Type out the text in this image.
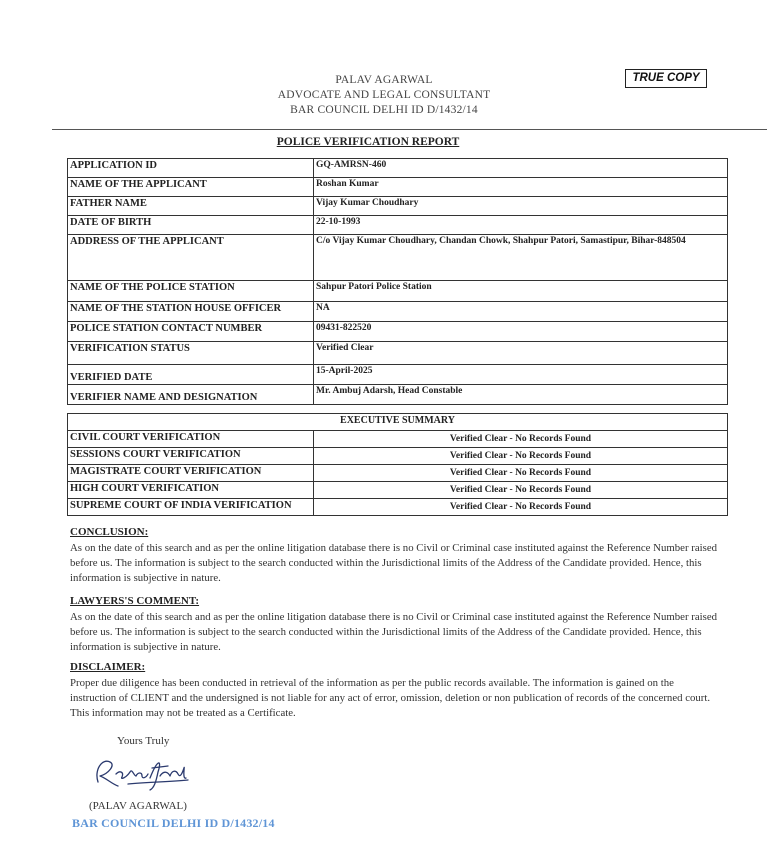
PALAV AGARWAL
ADVOCATE AND LEGAL CONSULTANT
BAR COUNCIL DELHI ID D/1432/14
TRUE COPY
POLICE VERIFICATION REPORT
APPLICATION ID	GQ-AMRSN-460
NAME OF THE APPLICANT	Roshan Kumar
FATHER NAME	Vijay Kumar Choudhary
DATE OF BIRTH	22-10-1993
ADDRESS OF THE APPLICANT	C/o Vijay Kumar Choudhary, Chandan Chowk, Shahpur Patori, Samastipur, Bihar-848504
NAME OF THE POLICE STATION	Sahpur Patori Police Station
NAME OF THE STATION HOUSE OFFICER	NA
POLICE STATION CONTACT NUMBER	09431-822520
VERIFICATION STATUS	Verified Clear
VERIFIED DATE	15-April-2025
VERIFIER NAME AND DESIGNATION	Mr. Ambuj Adarsh, Head Constable
EXECUTIVE SUMMARY	
CIVIL COURT VERIFICATION	Verified Clear - No Records Found
SESSIONS COURT VERIFICATION	Verified Clear - No Records Found
MAGISTRATE COURT VERIFICATION	Verified Clear - No Records Found
HIGH COURT VERIFICATION	Verified Clear - No Records Found
SUPREME COURT OF INDIA VERIFICATION	Verified Clear - No Records Found
CONCLUSION:
As on the date of this search and as per the online litigation database there is no Civil or Criminal case instituted against the Reference Number raised before us. The information is subject to the search conducted within the Jurisdictional limits of the Address of the Candidate provided. Hence, this information is subjective in nature.
LAWYERS'S COMMENT:
As on the date of this search and as per the online litigation database there is no Civil or Criminal case instituted against the Reference Number raised before us. The information is subject to the search conducted within the Jurisdictional limits of the Address of the Candidate provided. Hence, this information is subjective in nature.
DISCLAIMER:
Proper due diligence has been conducted in retrieval of the information as per the public records available. The information is gained on the instruction of CLIENT and the undersigned is not liable for any act of error, omission, deletion or non publication of records of the concerned court. This information may not be treated as a Certificate.
Yours Truly
(PALAV AGARWAL)
BAR COUNCIL DELHI ID D/1432/14
